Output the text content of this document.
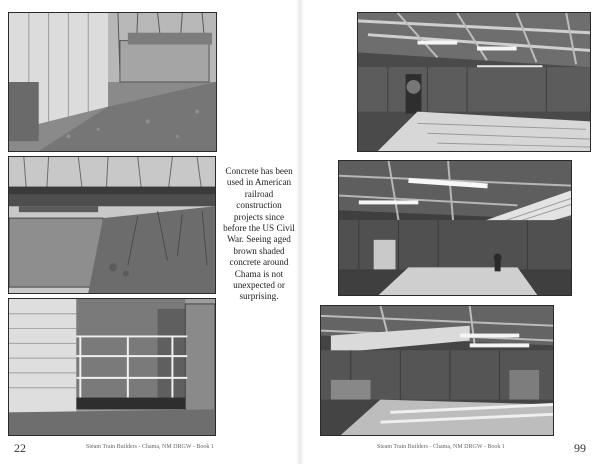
Concrete has been used in American railroad construction projects since before the US Civil War. Seeing aged brown shaded concrete around Chama is not unexpected or surprising.
22	Steam Train Builders - Chama, NM DRGW - Book 1	Steam Train Builders - Chama, NM DRGW - Book 1	99
